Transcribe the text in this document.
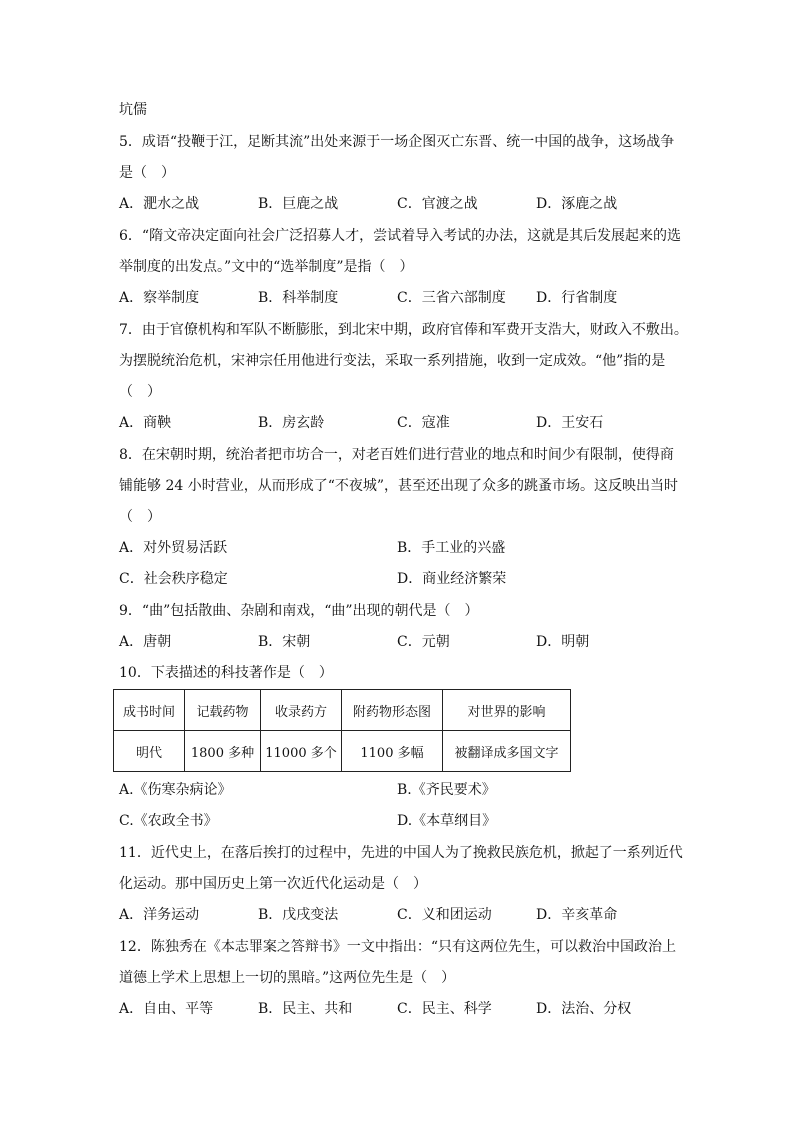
坑儒
5．成语“投鞭于江，足断其流”出处来源于一场企图灭亡东晋、统一中国的战争，这场战争
是（　）
A．淝水之战	B．巨鹿之战	C．官渡之战	D．涿鹿之战
6．“隋文帝决定面向社会广泛招募人才，尝试着导入考试的办法，这就是其后发展起来的选
举制度的出发点。”文中的“选举制度”是指（　）
A．察举制度	B．科举制度	C．三省六部制度 D．行省制度
7．由于官僚机构和军队不断膨胀，到北宋中期，政府官俸和军费开支浩大，财政入不敷出。
为摆脱统治危机，宋神宗任用他进行变法，采取一系列措施，收到一定成效。“他”指的是
（　）
A．商鞅	B．房玄龄	C．寇准	D．王安石
8．在宋朝时期，统治者把市坊合一，对老百姓们进行营业的地点和时间少有限制，使得商
铺能够 24 小时营业，从而形成了“不夜城”，甚至还出现了众多的跳蚤市场。这反映出当时
（　）
A．对外贸易活跃	B．手工业的兴盛
C．社会秩序稳定	D．商业经济繁荣
9．“曲”包括散曲、杂剧和南戏，“曲”出现的朝代是（　）
A．唐朝	B．宋朝	C．元朝	D．明朝
10．下表描述的科技著作是（　）
成书时间	记载药物	收录药方	附药物形态图	对世界的影响
明代	1800 多种	11000 多个	1100 多幅	被翻译成多国文字
A.《伤寒杂病论》	B.《齐民要术》
C.《农政全书》	D.《本草纲目》
11．近代史上，在落后挨打的过程中，先进的中国人为了挽救民族危机，掀起了一系列近代
化运动。那中国历史上第一次近代化运动是（　）
A．洋务运动	B．戊戌变法	C．义和团运动	D．辛亥革命
12．陈独秀在《本志罪案之答辩书》一文中指出：“只有这两位先生，可以救治中国政治上
道德上学术上思想上一切的黑暗。”这两位先生是（　）
A．自由、平等	B．民主、共和	C．民主、科学	D．法治、分权
